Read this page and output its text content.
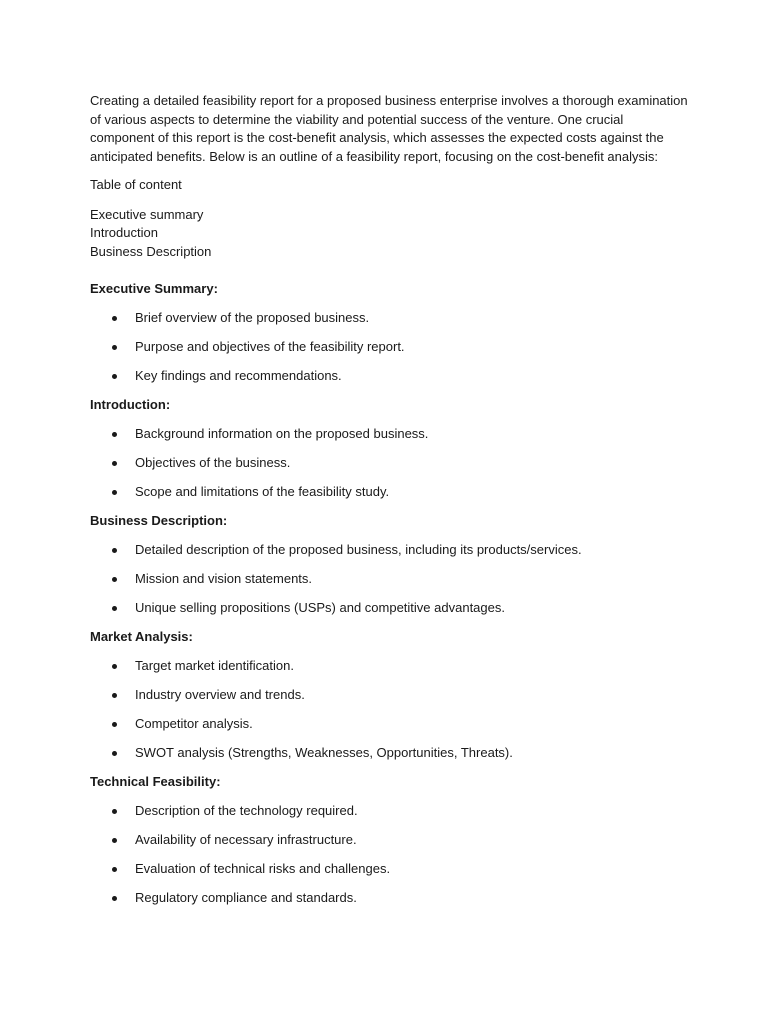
Creating a detailed feasibility report for a proposed business enterprise involves a thorough examination of various aspects to determine the viability and potential success of the venture. One crucial component of this report is the cost-benefit analysis, which assesses the expected costs against the anticipated benefits. Below is an outline of a feasibility report, focusing on the cost-benefit analysis:

Table of content

Executive summary
Introduction
Business Description

Executive Summary:

Brief overview of the proposed business.
Purpose and objectives of the feasibility report.
Key findings and recommendations.

Introduction:

Background information on the proposed business.
Objectives of the business.
Scope and limitations of the feasibility study.

Business Description:

Detailed description of the proposed business, including its products/services.
Mission and vision statements.
Unique selling propositions (USPs) and competitive advantages.

Market Analysis:

Target market identification.
Industry overview and trends.
Competitor analysis.
SWOT analysis (Strengths, Weaknesses, Opportunities, Threats).

Technical Feasibility:

Description of the technology required.
Availability of necessary infrastructure.
Evaluation of technical risks and challenges.
Regulatory compliance and standards.
